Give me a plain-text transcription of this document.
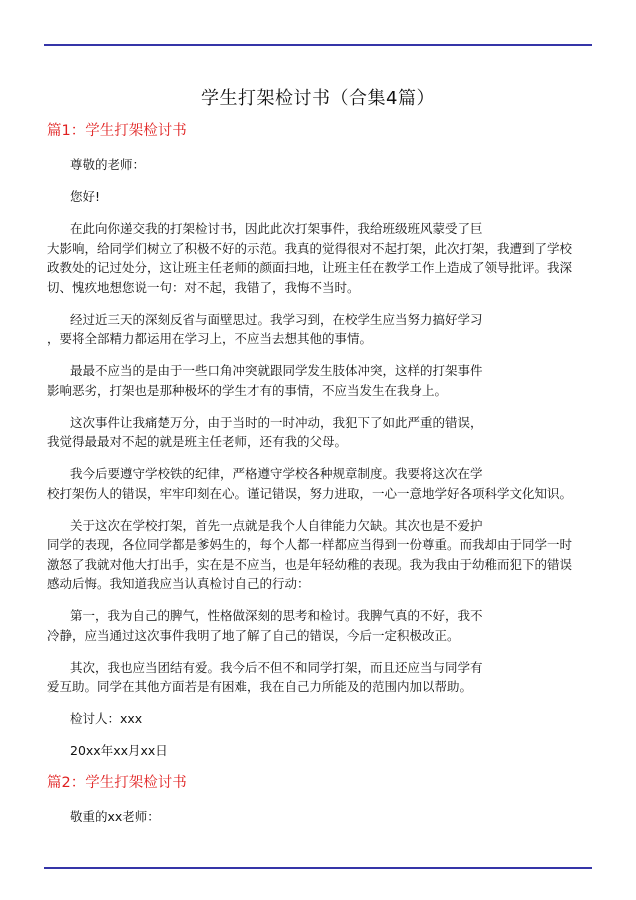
学生打架检讨书（合集4篇）
篇1：学生打架检讨书
尊敬的老师：
您好!
在此向你递交我的打架检讨书，因此此次打架事件，我给班级班风蒙受了巨
大影响，给同学们树立了积极不好的示范。我真的觉得很对不起打架，此次打架，我遭到了学校
政教处的记过处分，这让班主任老师的颜面扫地，让班主任在教学工作上造成了领导批评。我深
切、愧疚地想您说一句：对不起，我错了，我悔不当时。
经过近三天的深刻反省与面壁思过。我学习到，在校学生应当努力搞好学习
，要将全部精力都运用在学习上，不应当去想其他的事情。
最最不应当的是由于一些口角冲突就跟同学发生肢体冲突，这样的打架事件
影响恶劣，打架也是那种极坏的学生才有的事情，不应当发生在我身上。
这次事件让我痛楚万分，由于当时的一时冲动，我犯下了如此严重的错误，
我觉得最最对不起的就是班主任老师，还有我的父母。
我今后要遵守学校铁的纪律，严格遵守学校各种规章制度。我要将这次在学
校打架伤人的错误，牢牢印刻在心。谨记错误，努力进取，一心一意地学好各项科学文化知识。
关于这次在学校打架，首先一点就是我个人自律能力欠缺。其次也是不爱护
同学的表现，各位同学都是爹妈生的，每个人都一样都应当得到一份尊重。而我却由于同学一时
激怒了我就对他大打出手，实在是不应当，也是年轻幼稚的表现。我为我由于幼稚而犯下的错误
感动后悔。我知道我应当认真检讨自己的行动：
第一，我为自己的脾气，性格做深刻的思考和检讨。我脾气真的不好，我不
冷静，应当通过这次事件我明了地了解了自己的错误，今后一定积极改正。
其次，我也应当团结有爱。我今后不但不和同学打架，而且还应当与同学有
爱互助。同学在其他方面若是有困难，我在自己力所能及的范围内加以帮助。
检讨人：xxx
20xx年xx月xx日
篇2：学生打架检讨书
敬重的xx老师：
